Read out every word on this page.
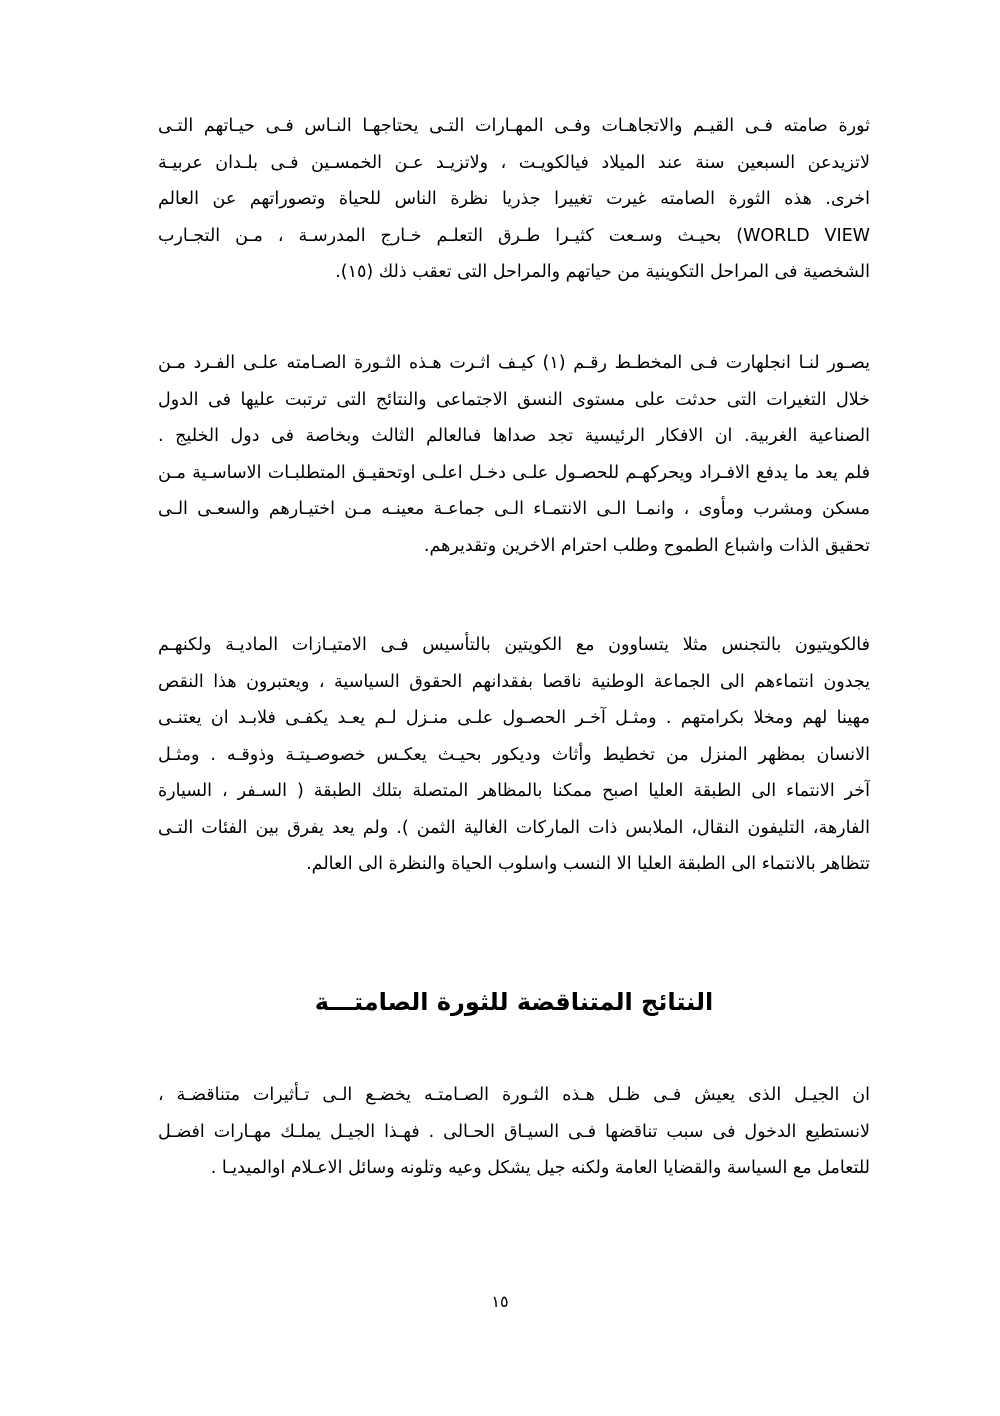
ثورة صامته فـى القيـم والاتجاهـات وفـى المهـارات التـى يحتاجهـا النـاس فـى حيـاتهم التـى
لاتزيدعن السبعين سنة عند الميلاد فيالكويـت ، ولاتزيـد عـن الخمسـين فـى بلـدان عربيـة
اخرى. هذه الثورة الصامته غيرت تغييرا جذريا نظرة الناس للحياة وتصوراتهم عن العالم
WORLD VIEW) بحيـث وسـعت كثيـرا طـرق التعلـم خـارج المدرسـة ، مـن التجـارب
الشخصية فى المراحل التكوينية من حياتهم والمراحل التى تعقب ذلك (١٥).

يصـور لنـا انجلهارت فـى المخطـط رقـم (١) كيـف اثـرت هـذه الثـورة الصـامته علـى الفـرد مـن
خلال التغيرات التى حدثت على مستوى النسق الاجتماعى والنتائج التى ترتبت عليها فى الدول
الصناعية الغربية. ان الافكار الرئيسية تجد صداها فىالعالم الثالث وبخاصة فى دول الخليج .
فلم يعد ما يدفع الافـراد ويحركهـم للحصـول علـى دخـل اعلـى اوتحقيـق المتطلبـات الاساسـية مـن
مسكن ومشرب ومأوى ، وانمـا الـى الانتمـاء الـى جماعـة معينـه مـن اختيـارهم والسعـى الـى
تحقيق الذات واشباع الطموح وطلب احترام الاخرين وتقديرهم.

فالكويتيون بالتجنس مثلا يتساوون مع الكويتين بالتأسيس فـى الامتيـازات الماديـة ولكنهـم
يجدون انتماءهم الى الجماعة الوطنية ناقصا بفقدانهم الحقوق السياسية ، ويعتبرون هذا النقص
مهينا لهم ومخلا بكرامتهم . ومثـل آخـر الحصـول علـى منـزل لـم يعـد يكفـى فلابـد ان يعتنـى
الانسان بمظهر المنزل من تخطيط وأثاث وديكور بحيـث يعكـس خصوصـيتـة وذوقـه . ومثـل
آخر الانتماء الى الطبقة العليا اصبح ممكنا بالمظاهر المتصلة بتلك الطبقة ( السـفر ، السيارة
الفارهة، التليفون النقال، الملابس ذات الماركات الغالية الثمن ). ولم يعد يفرق بين الفئات التـى
تتظاهر بالانتماء الى الطبقة العليا الا النسب واسلوب الحياة والنظرة الى العالم.

النتائج المتناقضة للثورة الصامتـــة

ان الجيـل الذى يعيش فـى ظـل هـذه الثـورة الصـامتـه يخضـع الـى تـأثيرات متناقضـة ،
لانستطيع الدخول فى سبب تناقضها فـى السيـاق الحـالى . فهـذا الجيـل يملـك مهـارات افضـل
للتعامل مع السياسة والقضايا العامة ولكنه جيل يشكل وعيه وتلونه وسائل الاعـلام اوالميديـا .

١٥
